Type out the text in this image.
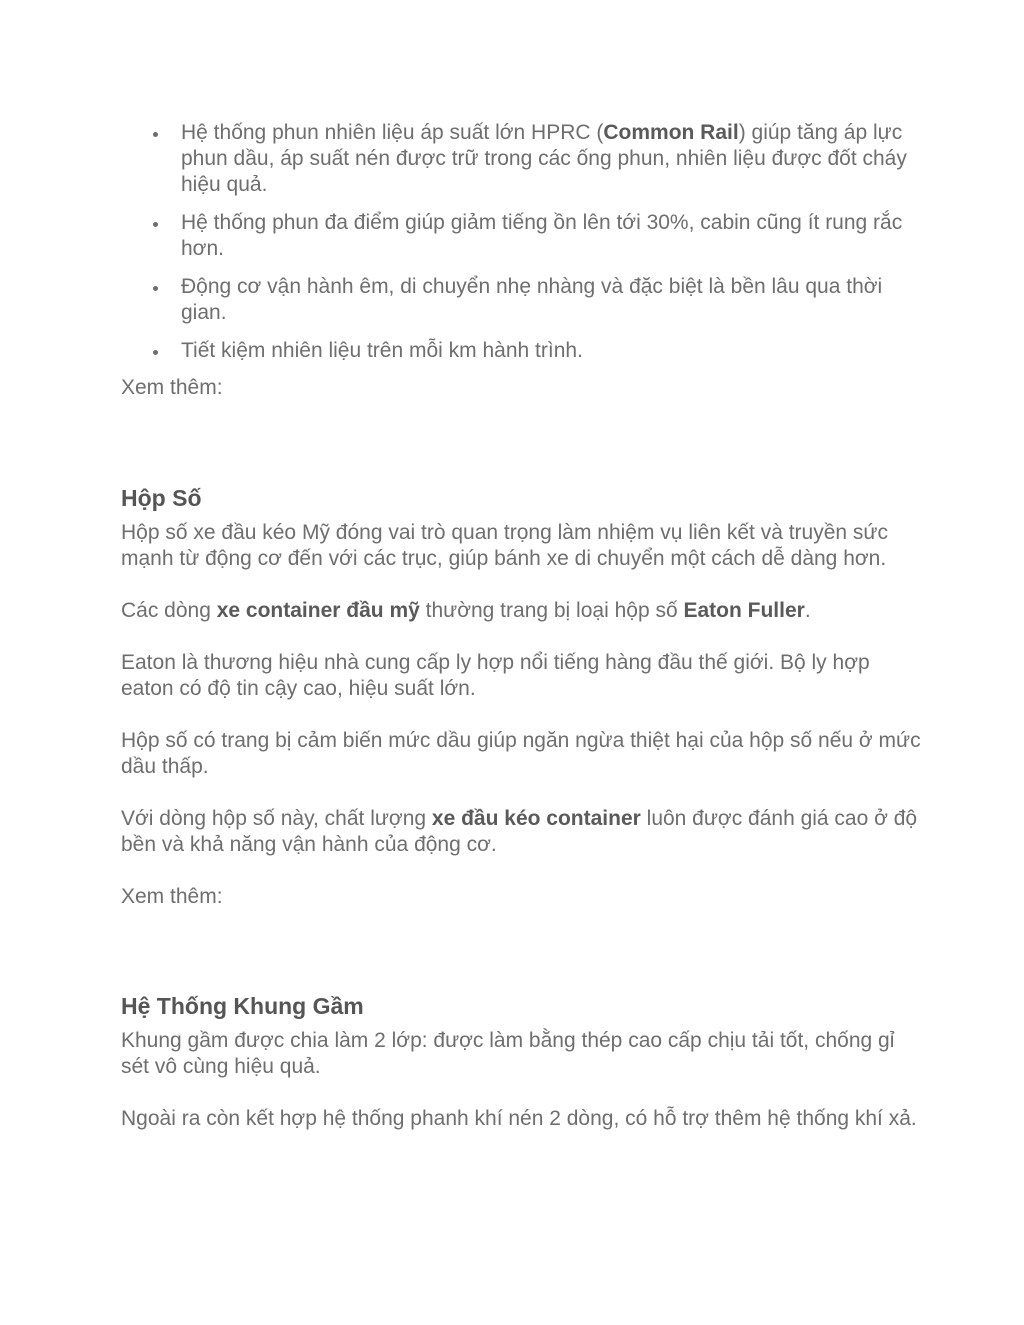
Hệ thống phun nhiên liệu áp suất lớn HPRC (Common Rail) giúp tăng áp lực phun dầu, áp suất nén được trữ trong các ống phun, nhiên liệu được đốt cháy hiệu quả.
Hệ thống phun đa điểm giúp giảm tiếng ồn lên tới 30%, cabin cũng ít rung rắc hơn.
Động cơ vận hành êm, di chuyển nhẹ nhàng và đặc biệt là bền lâu qua thời gian.
Tiết kiệm nhiên liệu trên mỗi km hành trình.

Xem thêm:

Hộp Số

Hộp số xe đầu kéo Mỹ đóng vai trò quan trọng làm nhiệm vụ liên kết và truyền sức mạnh từ động cơ đến với các trục, giúp bánh xe di chuyển một cách dễ dàng hơn.

Các dòng xe container đầu mỹ thường trang bị loại hộp số Eaton Fuller.

Eaton là thương hiệu nhà cung cấp ly hợp nổi tiếng hàng đầu thế giới. Bộ ly hợp eaton có độ tin cậy cao, hiệu suất lớn.

Hộp số có trang bị cảm biến mức dầu giúp ngăn ngừa thiệt hại của hộp số nếu ở mức dầu thấp.

Với dòng hộp số này, chất lượng xe đầu kéo container luôn được đánh giá cao ở độ bền và khả năng vận hành của động cơ.

Xem thêm:

Hệ Thống Khung Gầm

Khung gầm được chia làm 2 lớp: được làm bằng thép cao cấp chịu tải tốt, chống gỉ sét vô cùng hiệu quả.

Ngoài ra còn kết hợp hệ thống phanh khí nén 2 dòng, có hỗ trợ thêm hệ thống khí xả.
